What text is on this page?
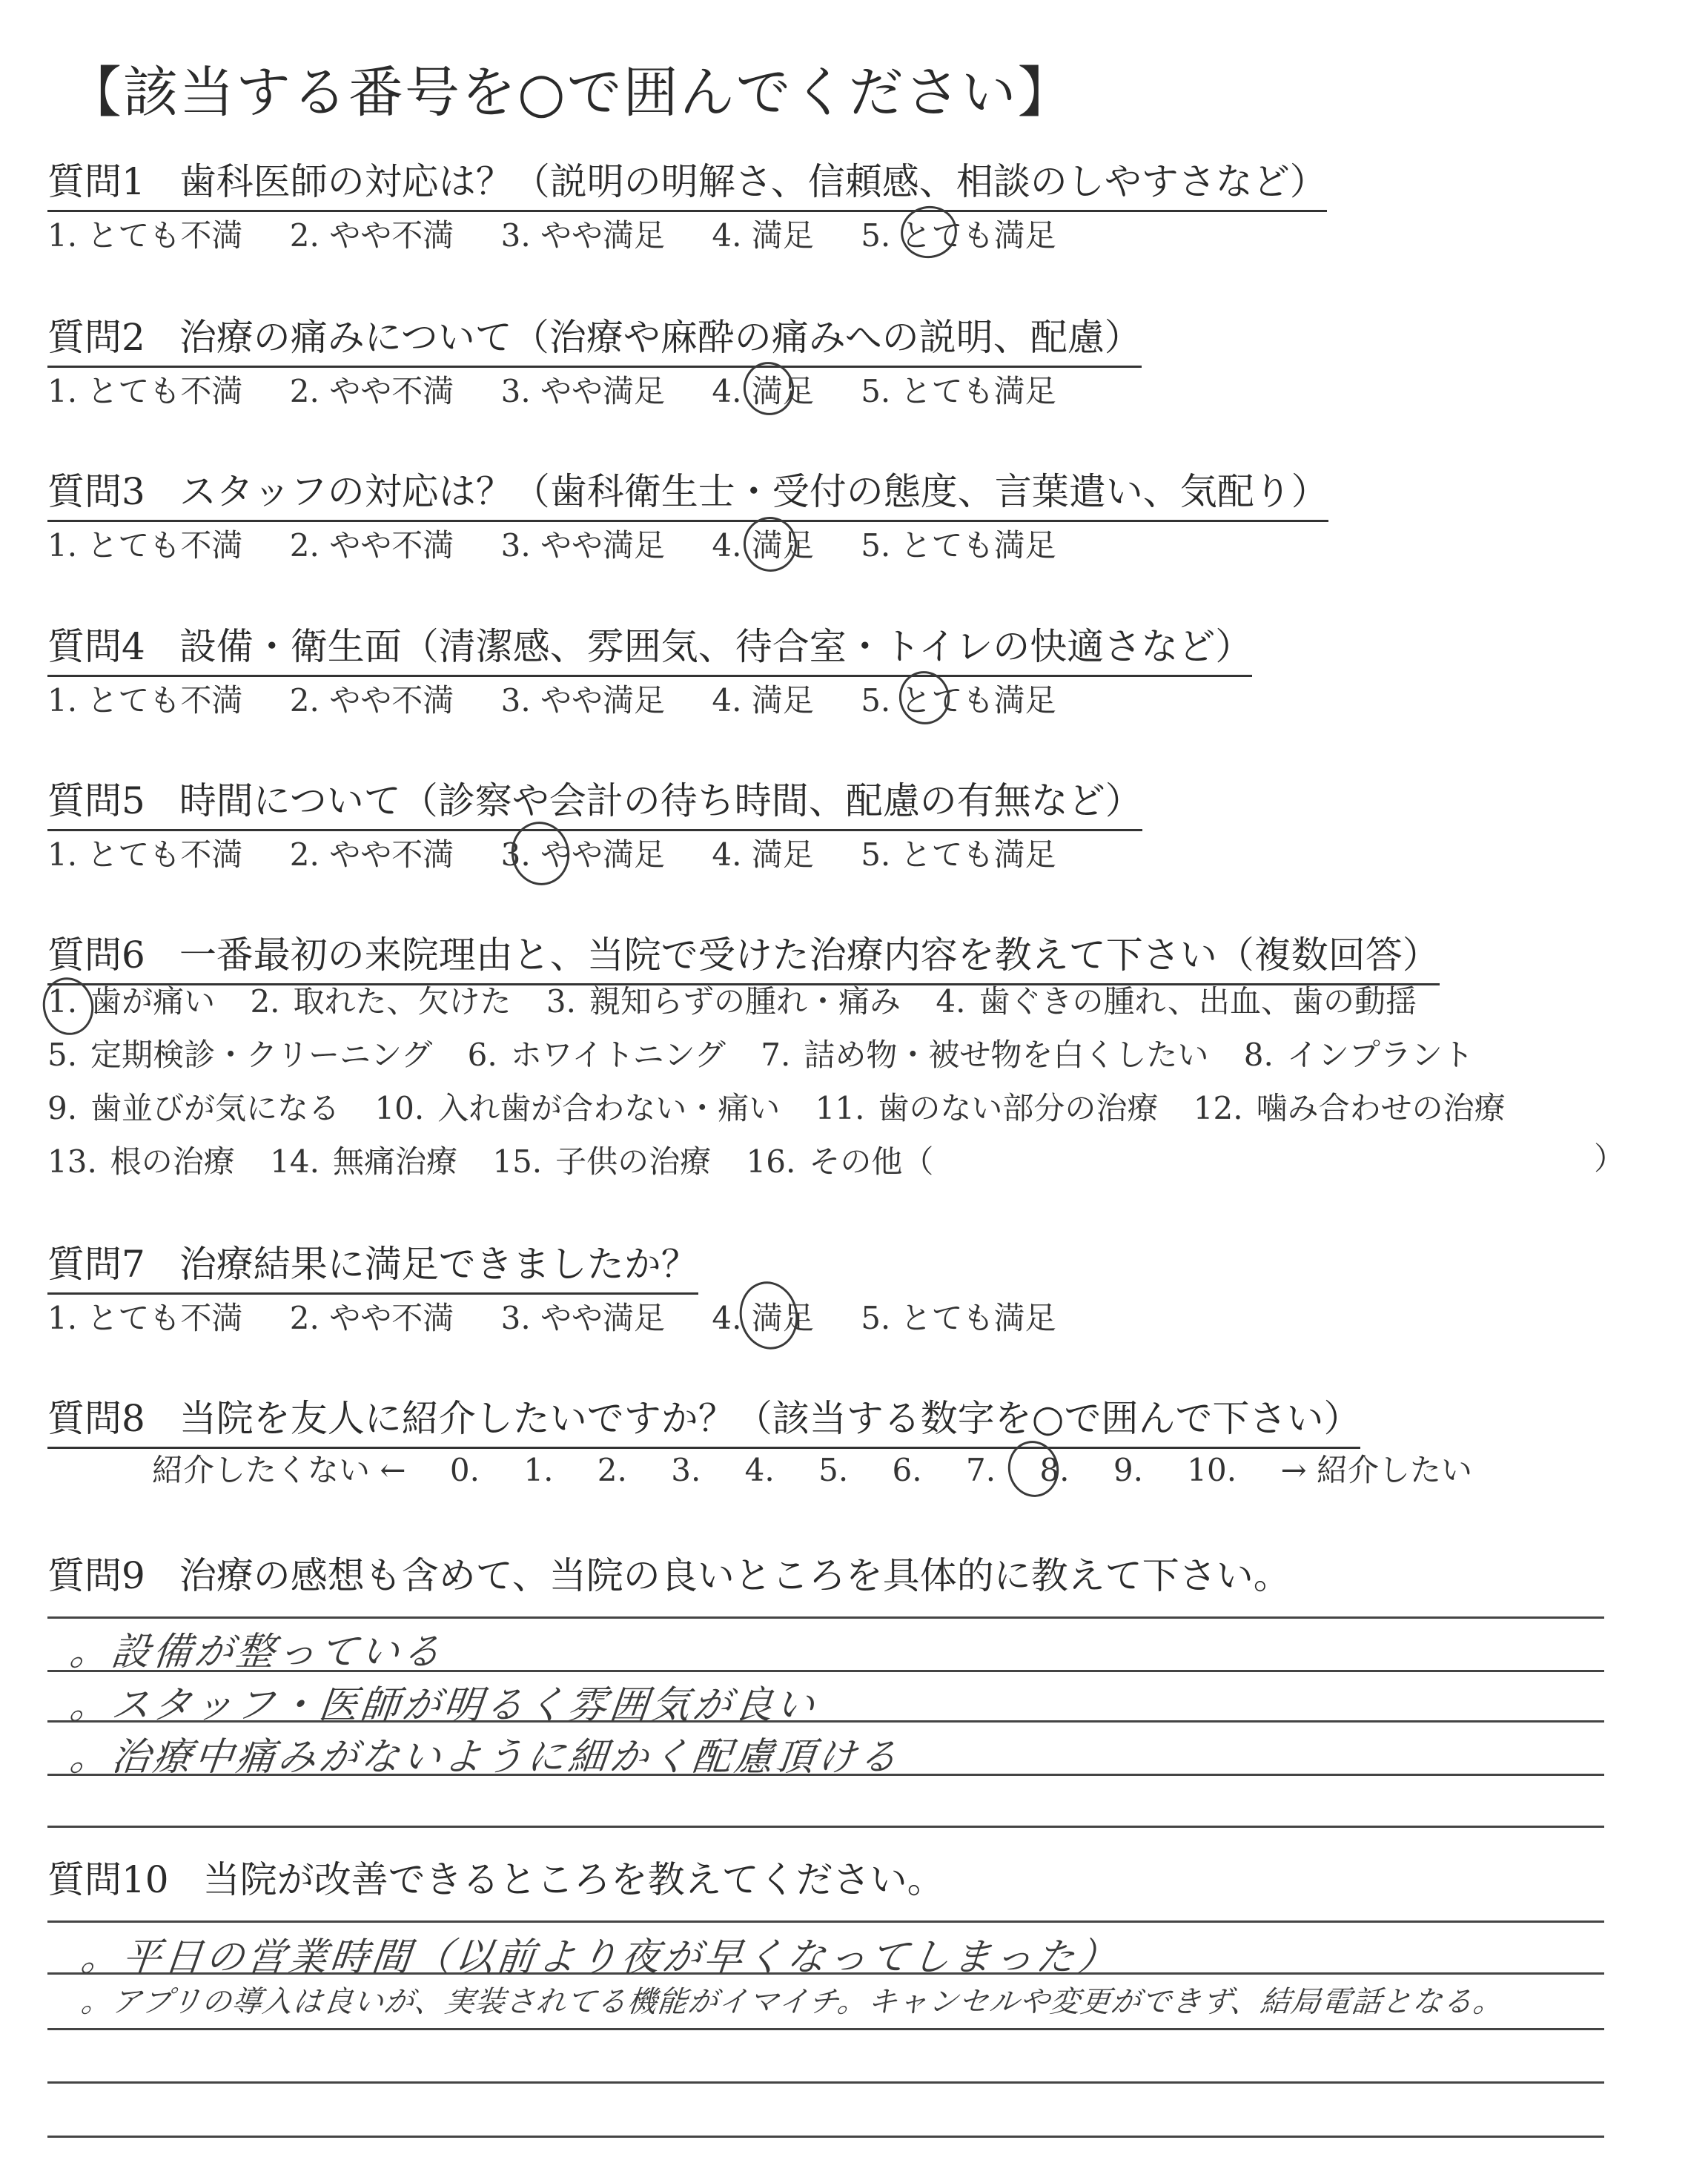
【該当する番号を○で囲んでください】
質問1 歯科医師の対応は？（説明の明解さ、信頼感、相談のしやすさなど）
1. とても不満 2. やや不満 3. やや満足 4. 満足 5. とても満足
質問2 治療の痛みについて（治療や麻酔の痛みへの説明、配慮）
1. とても不満 2. やや不満 3. やや満足 4. 満足 5. とても満足
質問3 スタッフの対応は？（歯科衛生士・受付の態度、言葉遣い、気配り）
1. とても不満 2. やや不満 3. やや満足 4. 満足 5. とても満足
質問4 設備・衛生面（清潔感、雰囲気、待合室・トイレの快適さなど）
1. とても不満 2. やや不満 3. やや満足 4. 満足 5. とても満足
質問5 時間について（診察や会計の待ち時間、配慮の有無など）
1. とても不満 2. やや不満 3. やや満足 4. 満足 5. とても満足
質問6 一番最初の来院理由と、当院で受けた治療内容を教えて下さい（複数回答）
1. 歯が痛い 2. 取れた、欠けた 3. 親知らずの腫れ・痛み 4. 歯ぐきの腫れ、出血、歯の動揺
5. 定期検診・クリーニング 6. ホワイトニング 7. 詰め物・被せ物を白くしたい 8. インプラント
9. 歯並びが気になる 10. 入れ歯が合わない・痛い 11. 歯のない部分の治療 12. 噛み合わせの治療
13. 根の治療 14. 無痛治療 15. 子供の治療 16. その他（	）
質問7 治療結果に満足できましたか？
1. とても不満 2. やや不満 3. やや満足 4. 満足 5. とても満足
質問8 当院を友人に紹介したいですか？（該当する数字を○で囲んで下さい）
紹介したくない ← 0. 1. 2. 3. 4. 5. 6. 7. 8. 9. 10. → 紹介したい
質問9 治療の感想も含めて、当院の良いところを具体的に教えて下さい。
。設備が整っている
。スタッフ・医師が明るく雰囲気が良い
。治療中痛みがないように細かく配慮頂ける
質問10 当院が改善できるところを教えてください。
。平日の営業時間（以前より夜が早くなってしまった）
。アプリの導入は良いが、実装されてる機能がイマイチ。キャンセルや変更ができず、結局電話となる。
